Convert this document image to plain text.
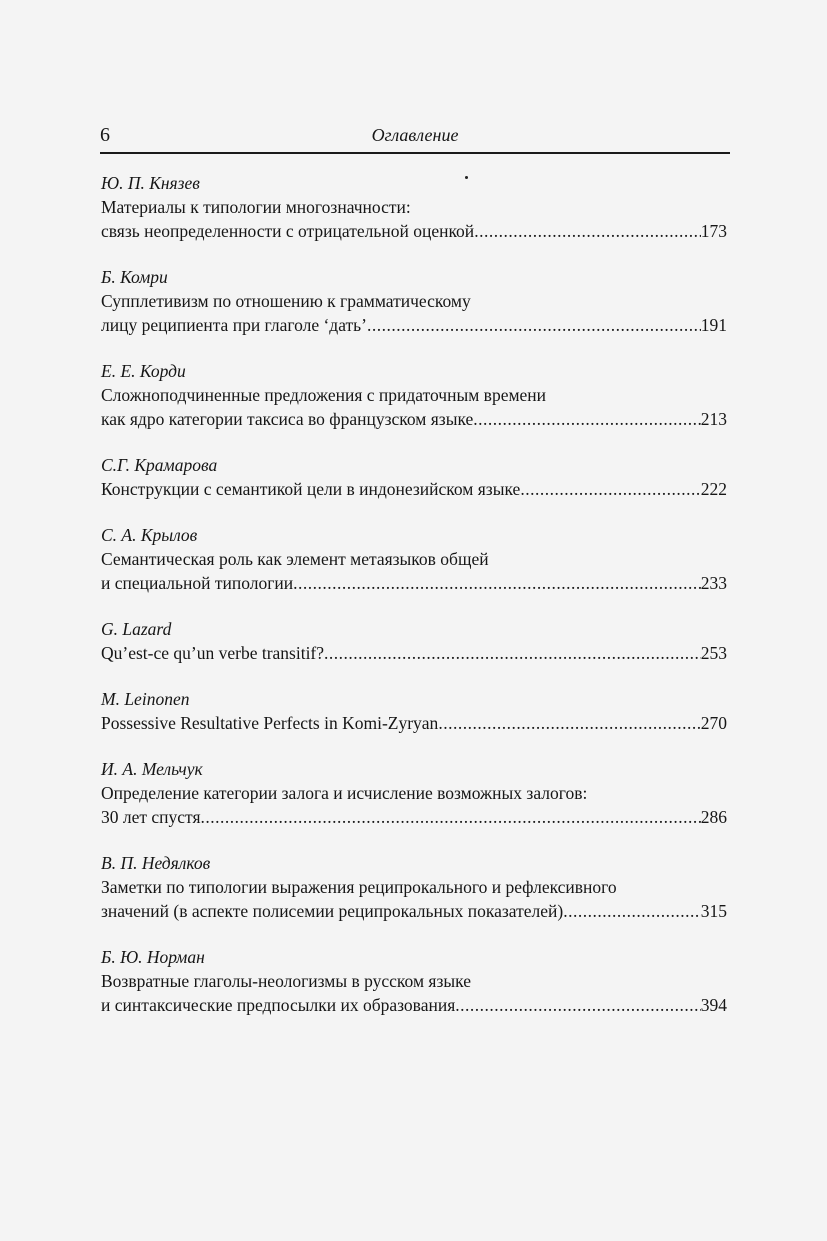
6	Оглавление
Ю. П. Князев
Материалы к типологии многозначности:
связь неопределенности с отрицательной оценкой .....	173
Б. Комри
Супплетивизм по отношению к грамматическому
лицу реципиента при глаголе ‘дать’ .....	191
Е. Е. Корди
Сложноподчиненные предложения с придаточным времени
как ядро категории таксиса во французском языке .....	213
С.Г. Крамарова
Конструкции с семантикой цели в индонезийском языке .....	222
С. А. Крылов
Семантическая роль как элемент метаязыков общей
и специальной типологии .....	233
G. Lazard
Qu’est-ce qu’un verbe transitif? .....	253
M. Leinonen
Possessive Resultative Perfects in Komi-Zyryan .....	270
И. А. Мельчук
Определение категории залога и исчисление возможных залогов:
30 лет спустя .....	286
В. П. Недялков
Заметки по типологии выражения реципрокального и рефлексивного
значений (в аспекте полисемии реципрокальных показателей) .....	315
Б. Ю. Норман
Возвратные глаголы-неологизмы в русском языке
и синтаксические предпосылки их образования .....	394
